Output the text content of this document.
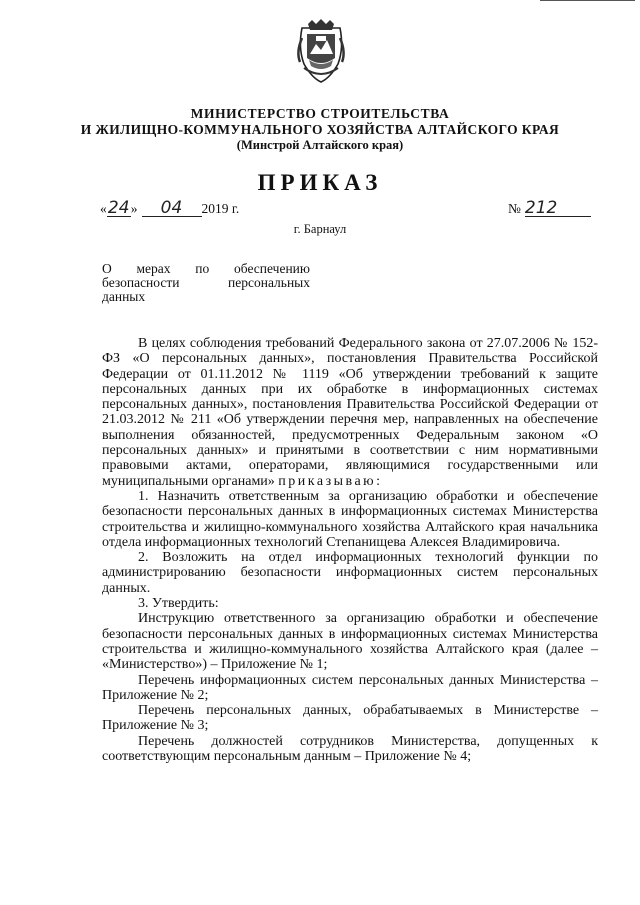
МИНИСТЕРСТВО СТРОИТЕЛЬСТВА
И ЖИЛИЩНО-КОММУНАЛЬНОГО ХОЗЯЙСТВА АЛТАЙСКОГО КРАЯ
(Минстрой Алтайского края)
ПРИКАЗ
«24» 04 2019 г.	№ 212
г. Барнаул
О мерах по обеспечению безопасности персональных данных

В целях соблюдения требований Федерального закона от 27.07.2006 № 152-ФЗ «О персональных данных», постановления Правительства Российской Федерации от 01.11.2012 № 1119 «Об утверждении требований к защите персональных данных при их обработке в информационных системах персональных данных», постановления Правительства Российской Федерации от 21.03.2012 № 211 «Об утверждении перечня мер, направленных на обеспечение выполнения обязанностей, предусмотренных Федеральным законом «О персональных данных» и принятыми в соответствии с ним нормативными правовыми актами, операторами, являющимися государственными или муниципальными органами» приказываю:

1. Назначить ответственным за организацию обработки и обеспечение безопасности персональных данных в информационных системах Министерства строительства и жилищно-коммунального хозяйства Алтайского края начальника отдела информационных технологий Степанищева Алексея Владимировича.

2. Возложить на отдел информационных технологий функции по администрированию безопасности информационных систем персональных данных.

3. Утвердить:

Инструкцию ответственного за организацию обработки и обеспечение безопасности персональных данных в информационных системах Министерства строительства и жилищно-коммунального хозяйства Алтайского края (далее – «Министерство») – Приложение № 1;

Перечень информационных систем персональных данных Министерства – Приложение № 2;

Перечень персональных данных, обрабатываемых в Министерстве – Приложение № 3;

Перечень должностей сотрудников Министерства, допущенных к соответствующим персональным данным – Приложение № 4;
